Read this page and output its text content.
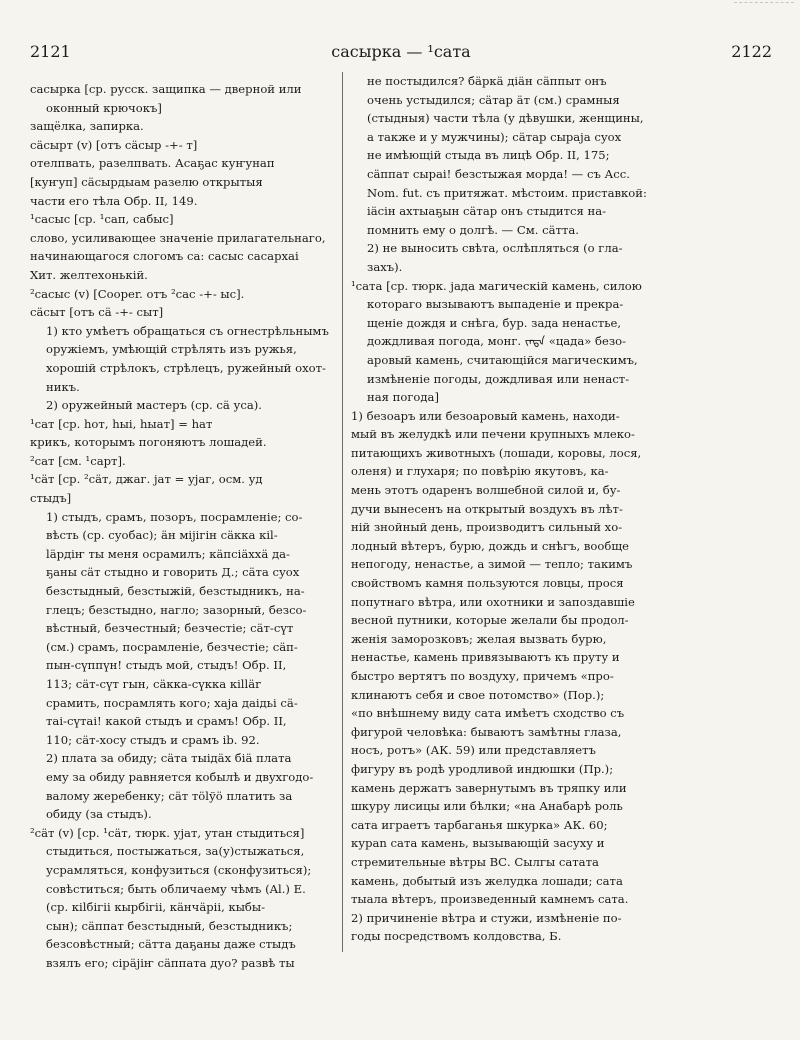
2121	сасырка — ¹сата	2122
сасырка [ср. русск. защипка — дверной или
оконный крючокъ]
защёлка, запирка.
сäсырт (v) [отъ сäсыр -+- т]
отелпвать, разелпвать. Асаҕас куҥунап
[куҥуп] сäсырдыам разелю открытыя
части его тѣла Обр. II, 149.
¹сасыс [ср. ¹сап, сабыс]
слово, усиливающее значеніе прилагательнаго,
начинающагося слогомъ са: сасыс сасархаі
Хит. желтехонькій.
²сасыс (v) [Cooper. отъ ²сас -+- ыс].
сäсыт [отъ сä -+- сыт]
1) кто умѣетъ обращаться съ огнестрѣльнымъ
оружіемъ, умѣющій стрѣлять изъ ружья,
хорошій стрѣлокъ, стрѣлецъ, ружейный охот-
никъ.
2) оружейный мастеръ (ср. сä уса).
¹сат [ср. hот, hыі, hыат] = hат
крикъ, которымъ погоняютъ лошадей.
²сат [см. ¹сарт].
¹сäт [ср. ²сäт, джаг. јат = ујаг, осм. уд
стыдъ]
1) стыдъ, срамъ, позоръ, посрамленіе; со-
вѣсть (ср. суобас); äн міјігін сäкка кіl-
läрдіҥ ты меня осрамилъ; кäпсіäххä да-
ҕаны сäт стыдно и говорить Д.; сäта суох
безстыдный, безстыжій, безстыдникъ, на-
глецъ; безстыдно, нагло; зазорный, безсо-
вѣстный, безчестный; безчестіе; сäт-сүт
(см.) срамъ, посрамленіе, безчестіе; сäп-
пын-сүппүн! стыдъ мой, стыдъ! Обр. II,
113; сäт-сүт гын, сäкка-сүкка кіllär
срамить, посрамлять кого; хаја даідьі сä-
таі-сүтаі! какой стыдъ и срамъ! Обр. II,
110; сäт-хосу стыдъ и срамъ ib. 92.
2) плата за обиду; сäта тыідäх біä плата
ему за обиду равняется кобылѣ и двухгодо-
валому жеребенку; сäт тölўö платить за
обиду (за стыдъ).
²сäт (v) [ср. ¹сäт, тюрк. ујат, утан стыдиться]
стыдиться, постыжаться, за(у)стыжаться,
усрамляться, конфузиться (сконфузиться);
совѣститься; быть обличаему чѣмъ (Al.) Е.
(ср. кіlбігіі кырбігіі, кäнчäріі, кыбы-
сын); сäппат безстыдный, безстыдникъ;
безсовѣстный; сäтта даҕаны даже стыдъ
взялъ его; сірäјіҥ сäппата дуо? развѣ ты
не постыдился? бäркä діäн сäппыт онъ
очень устыдился; сäтар äт (см.) срамныя
(стыдныя) части тѣла (у дѣвушки, женщины,
а также и у мужчины); сäтар сыраја суох
не имѣющій стыда въ лицѣ Обр. II, 175;
сäппат сыраі! безстыжая морда! — съ Асс.
Nom. fut. съ притяжат. мѣстоим. приставкой:
іäсін ахтыаҕын сäтар онъ стыдится на-
помнить ему о долгѣ. — См. сäтта.
2) не выносить свѣта, ослѣпляться (о гла-
захъ).
¹сата [ср. тюрк. јада магическій камень, силою
котораго вызываютъ выпаденіе и прекра-
щеніе дождя и снѣга, бур. зада ненастье,
дождливая погода, монг. ᠵᠠᠳᠠ «цада» безо-
аровый камень, считающійся магическимъ,
измѣненіе погоды, дождливая или ненаст-
ная погода]
1) безоаръ или безоаровый камень, находи-
мый въ желудкѣ или печени крупныхъ млеко-
питающихъ животныхъ (лошади, коровы, лося,
оленя) и глухаря; по повѣрію якутовъ, ка-
мень этотъ одаренъ волшебной силой и, бу-
дучи вынесенъ на открытый воздухъ въ лѣт-
ній знойный день, производитъ сильный хо-
лодный вѣтеръ, бурю, дождь и снѣгъ, вообще
непогоду, ненастье, а зимой — тепло; такимъ
свойствомъ камня пользуются ловцы, прося
попутнаго вѣтра, или охотники и запоздавшіе
весной путники, которые желали бы продол-
женія заморозковъ; желая вызвать бурю,
ненастье, камень привязываютъ къ пруту и
быстро вертятъ по воздуху, причемъ «про-
клинаютъ себя и свое потомство» (Пор.);
«по внѣшнему виду сата имѣетъ сходство съ
фигурой человѣка: бываютъ замѣтны глаза,
носъ, ротъ» (АК. 59) или представляетъ
фигуру въ родѣ уродливой индюшки (Пр.);
камень держатъ завернутымъ въ тряпку или
шкуру лисицы или бѣлки; «на Анабарѣ роль
сата играетъ тарбаганья шкурка» АК. 60;
кураn сата камень, вызывающій засуху и
стремительные вѣтры ВС. Сылгы сатата
камень, добытый изъ желудка лошади; сата
тыала вѣтеръ, произведенный камнемъ сата.
2) причиненіе вѣтра и стужи, измѣненіе по-
годы посредствомъ колдовства, Б.
